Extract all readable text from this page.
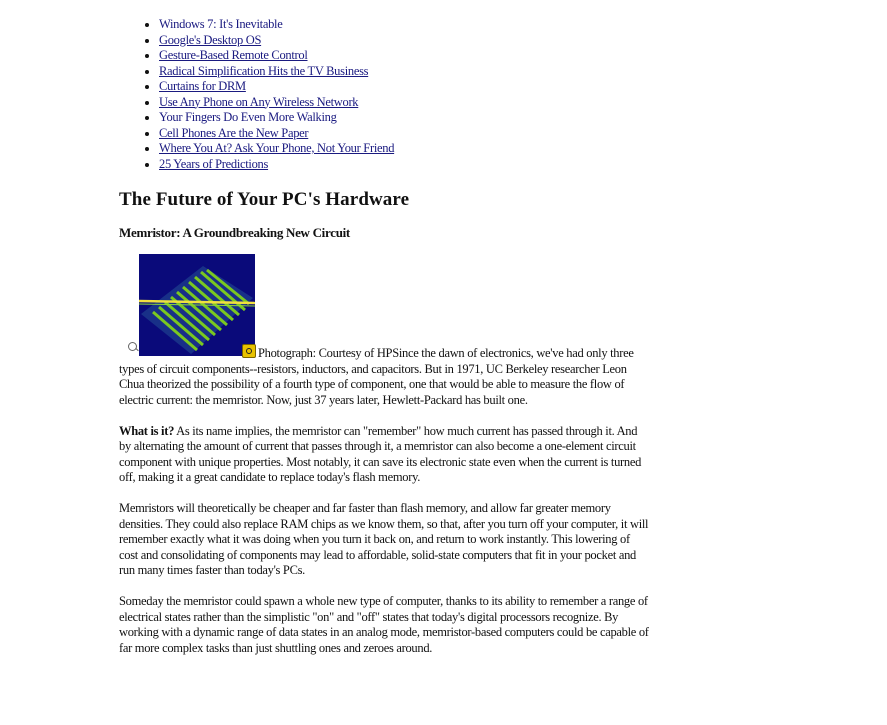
• Windows 7: It's Inevitable
• Google's Desktop OS
• Gesture-Based Remote Control
• Radical Simplification Hits the TV Business
• Curtains for DRM
• Use Any Phone on Any Wireless Network
• Your Fingers Do Even More Walking
• Cell Phones Are the New Paper
• Where You At? Ask Your Phone, Not Your Friend
• 25 Years of Predictions
The Future of Your PC's Hardware
Memristor: A Groundbreaking New Circuit

Photograph: Courtesy of HPSince the dawn of electronics, we've had only three types of circuit components--resistors, inductors, and capacitors. But in 1971, UC Berkeley researcher Leon Chua theorized the possibility of a fourth type of component, one that would be able to measure the flow of electric current: the memristor. Now, just 37 years later, Hewlett-Packard has built one.

What is it? As its name implies, the memristor can "remember" how much current has passed through it. And by alternating the amount of current that passes through it, a memristor can also become a one-element circuit component with unique properties. Most notably, it can save its electronic state even when the current is turned off, making it a great candidate to replace today's flash memory.

Memristors will theoretically be cheaper and far faster than flash memory, and allow far greater memory densities. They could also replace RAM chips as we know them, so that, after you turn off your computer, it will remember exactly what it was doing when you turn it back on, and return to work instantly. This lowering of cost and consolidating of components may lead to affordable, solid-state computers that fit in your pocket and run many times faster than today's PCs.

Someday the memristor could spawn a whole new type of computer, thanks to its ability to remember a range of electrical states rather than the simplistic "on" and "off" states that today's digital processors recognize. By working with a dynamic range of data states in an analog mode, memristor-based computers could be capable of far more complex tasks than just shuttling ones and zeroes around.
